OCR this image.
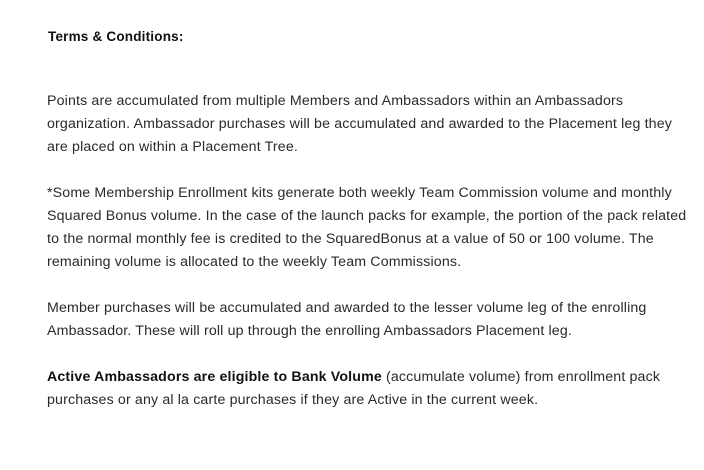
Terms & Conditions:

Points are accumulated from multiple Members and Ambassadors within an Ambassadors organization. Ambassador purchases will be accumulated and awarded to the Placement leg they are placed on within a Placement Tree.

*Some Membership Enrollment kits generate both weekly Team Commission volume and monthly Squared Bonus volume. In the case of the launch packs for example, the portion of the pack related to the normal monthly fee is credited to the SquaredBonus at a value of 50 or 100 volume. The remaining volume is allocated to the weekly Team Commissions.

Member purchases will be accumulated and awarded to the lesser volume leg of the enrolling Ambassador. These will roll up through the enrolling Ambassadors Placement leg.

Active Ambassadors are eligible to Bank Volume (accumulate volume) from enrollment pack purchases or any al la carte purchases if they are Active in the current week.
